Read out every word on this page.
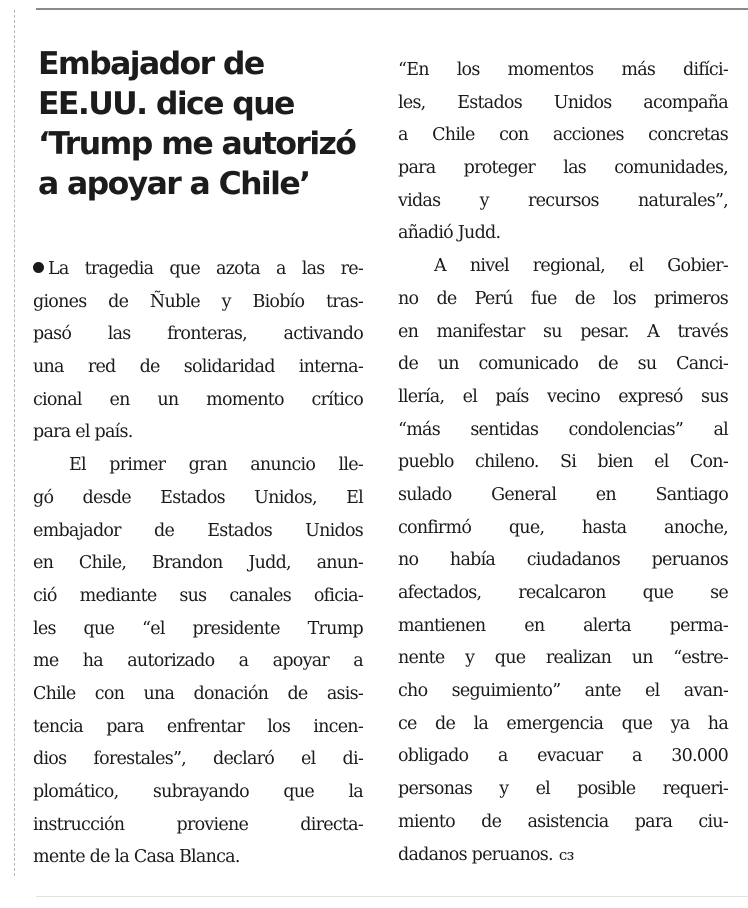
Embajador de
EE.UU. dice que
‘Trump me autorizó
a apoyar a Chile’
La tragedia que azota a las re-
giones de Ñuble y Biobío tras-
pasó las fronteras, activando
una red de solidaridad interna-
cional en un momento crítico
para el país.
El primer gran anuncio lle-
gó desde Estados Unidos, El
embajador de Estados Unidos
en Chile, Brandon Judd, anun-
ció mediante sus canales oficia-
les que “el presidente Trump
me ha autorizado a apoyar a
Chile con una donación de asis-
tencia para enfrentar los incen-
dios forestales”, declaró el di-
plomático, subrayando que la
instrucción proviene directa-
mente de la Casa Blanca.
“En los momentos más difíci-
les, Estados Unidos acompaña
a Chile con acciones concretas
para proteger las comunidades,
vidas y recursos naturales”,
añadió Judd.
A nivel regional, el Gobier-
no de Perú fue de los primeros
en manifestar su pesar. A través
de un comunicado de su Canci-
llería, el país vecino expresó sus
“más sentidas condolencias” al
pueblo chileno. Si bien el Con-
sulado General en Santiago
confirmó que, hasta anoche,
no había ciudadanos peruanos
afectados, recalcaron que se
mantienen en alerta perma-
nente y que realizan un “estre-
cho seguimiento” ante el avan-
ce de la emergencia que ya ha
obligado a evacuar a 30.000
personas y el posible requeri-
miento de asistencia para ciu-
dadanos peruanos. ᴄᴈ
